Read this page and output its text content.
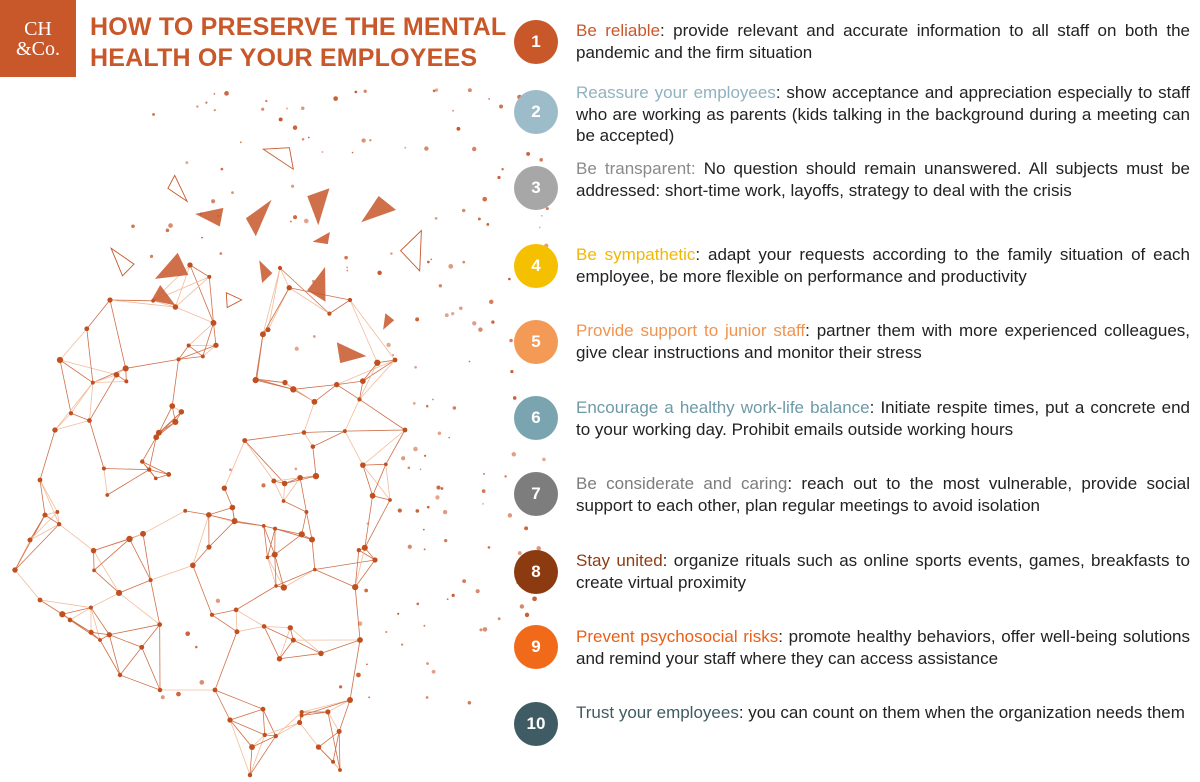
CH
&Co.
HOW TO PRESERVE THE MENTAL HEALTH OF YOUR EMPLOYEES
1

Be reliable: provide relevant and accurate information to all staff on both the pandemic and the firm situation

2

Reassure your employees: show acceptance and appreciation especially to staff who are working as parents (kids talking in the background during a meeting can be accepted)

3

Be transparent: No question should remain unanswered. All subjects must be addressed: short-time work, layoffs, strategy to deal with the crisis

4

Be sympathetic: adapt your requests according to the family situation of each employee, be more flexible on performance and productivity

5

Provide support to junior staff: partner them with more experienced colleagues, give clear instructions and monitor their stress

6

Encourage a healthy work-life balance: Initiate respite times, put a concrete end to your working day. Prohibit emails outside working hours

7

Be considerate and caring: reach out to the most vulnerable, provide social support to each other, plan regular meetings to avoid isolation

8

Stay united: organize rituals such as online sports events, games, breakfasts to create virtual proximity

9

Prevent psychosocial risks: promote healthy behaviors, offer well-being solutions and remind your staff where they can access assistance

10

Trust your employees: you can count on them when the organization needs them
